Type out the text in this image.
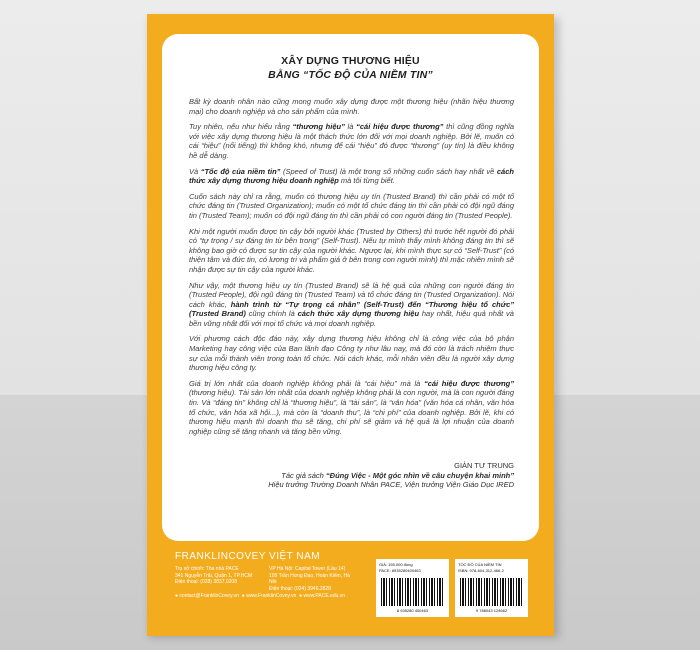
XÂY DỰNG THƯƠNG HIỆU
BẰNG “TỐC ĐỘ CỦA NIỀM TIN”

Bất kỳ doanh nhân nào cũng mong muốn xây dựng được một thương hiệu (nhãn hiệu thương mại) cho doanh nghiệp và cho sản phẩm của mình.

Tuy nhiên, nếu như hiểu rằng “thương hiệu” là “cái hiệu được thương” thì cũng đồng nghĩa với việc xây dựng thương hiệu là một thách thức lớn đối với mọi doanh nghiệp. Bởi lẽ, muốn có cái “hiệu” (nổi tiếng) thì không khó, nhưng để cái “hiệu” đó được “thương” (uy tín) là điều không hề dễ dàng.

Và “Tốc độ của niềm tin” (Speed of Trust) là một trong số những cuốn sách hay nhất về cách thức xây dựng thương hiệu doanh nghiệp mà tôi từng biết.

Cuốn sách này chỉ ra rằng, muốn có thương hiệu uy tín (Trusted Brand) thì cần phải có một tổ chức đáng tin (Trusted Organization); muốn có một tổ chức đáng tin thì cần phải có đội ngũ đáng tin (Trusted Team); muốn có đội ngũ đáng tin thì cần phải có con người đáng tin (Trusted People).

Khi một người muốn được tin cậy bởi người khác (Trusted by Others) thì trước hết người đó phải có “tự trọng / sự đáng tin từ bên trong” (Self-Trust). Nếu tự mình thấy mình không đáng tin thì sẽ không bao giờ có được sự tin cậy của người khác. Ngược lại, khi mình thực sự có “Self-Trust” (có thiện tâm và đức tin, có lương tri và phẩm giá ở bên trong con người mình) thì mặc nhiên mình sẽ nhận được sự tin cậy của người khác.

Như vậy, một thương hiệu uy tín (Trusted Brand) sẽ là hệ quả của những con người đáng tin (Trusted People), đội ngũ đáng tin (Trusted Team) và tổ chức đáng tin (Trusted Organization). Nói cách khác, hành trình từ “Tự trọng cá nhân” (Self-Trust) đến “Thương hiệu tổ chức” (Trusted Brand) cũng chính là cách thức xây dựng thương hiệu hay nhất, hiệu quả nhất và bền vững nhất đối với mọi tổ chức và mọi doanh nghiệp.

Với phương cách độc đáo này, xây dựng thương hiệu không chỉ là công việc của bộ phận Marketing hay công việc của Ban lãnh đạo Công ty như lâu nay, mà đó còn là trách nhiệm thực sự của mỗi thành viên trong toàn tổ chức. Nói cách khác, mỗi nhân viên đều là người xây dựng thương hiệu công ty.

Giá trị lớn nhất của doanh nghiệp không phải là “cái hiệu” mà là “cái hiệu được thương” (thương hiệu). Tài sản lớn nhất của doanh nghiệp không phải là con người, mà là con người đáng tin. Và “đáng tin” không chỉ là “thương hiệu”, là “tài sản”, là “văn hóa” (văn hóa cá nhân, văn hóa tổ chức, văn hóa xã hội...), mà còn là “doanh thu”, là “chi phí” của doanh nghiệp. Bởi lẽ, khi có thương hiệu mạnh thì doanh thu sẽ tăng, chi phí sẽ giảm và hệ quả là lợi nhuận của doanh nghiệp cũng sẽ tăng nhanh và tăng bền vững.

GIẢN TƯ TRUNG
Tác giả sách “Đúng Việc - Một góc nhìn về câu chuyện khai minh”
Hiệu trưởng Trường Doanh Nhân PACE, Viện trưởng Viện Giáo Dục IRED
FRANKLINCOVEY VIỆT NAM
Trụ sở chính: Tòa nhà PACE
341 Nguyễn Trãi, Quận 1, TP.HCM
Điện thoại: (028) 3837.0208
VP Hà Nội: Capital Tower (Lầu 14)
109 Trần Hưng Đạo, Hoàn Kiếm, Hà Nội
Điện thoại: (024) 3946.2828
● contact@FranklinCovey.vn ● www.FranklinCovey.vn ● www.PACE.edu.vn
GIÁ: 155.000 đồng
PACE: 8935280400463
8 935280 400463
TỐC ĐỘ CỦA NIỀM TIN
ISBN: 978-604-312-466-2
9 786043 124662
